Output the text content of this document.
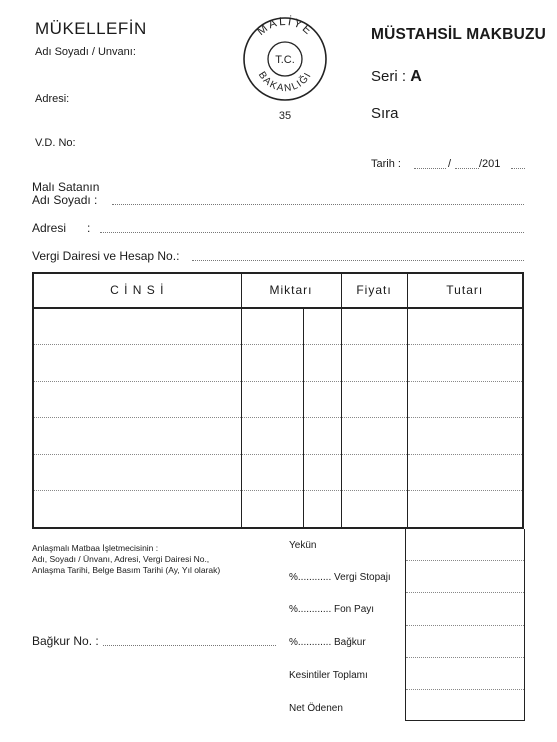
MÜKELLEFİN
Adı Soyadı / Unvanı:
Adresi:
V.D. No:
MALİYE
BAKANLIĞI
T.C.
35
MÜSTAHSİL MAKBUZU
Seri : A
Sıra
Tarih :	/	/201
Malı Satanın
Adı Soyadı :
Adresi :
Vergi Dairesi ve Hesap No.:
C İ N S İ	Miktarı		Fiyatı	Tutarı

Anlaşmalı Matbaa İşletmecisinin :
Adı, Soyadı / Ünvanı, Adresi, Vergi Dairesi No.,
Anlaşma Tarihi, Belge Basım Tarihi (Ay, Yıl olarak)
Bağkur No. :
Yekün
%............ Vergi Stopajı
%............ Fon Payı
%............ Bağkur
Kesintiler Toplamı
Net Ödenen
